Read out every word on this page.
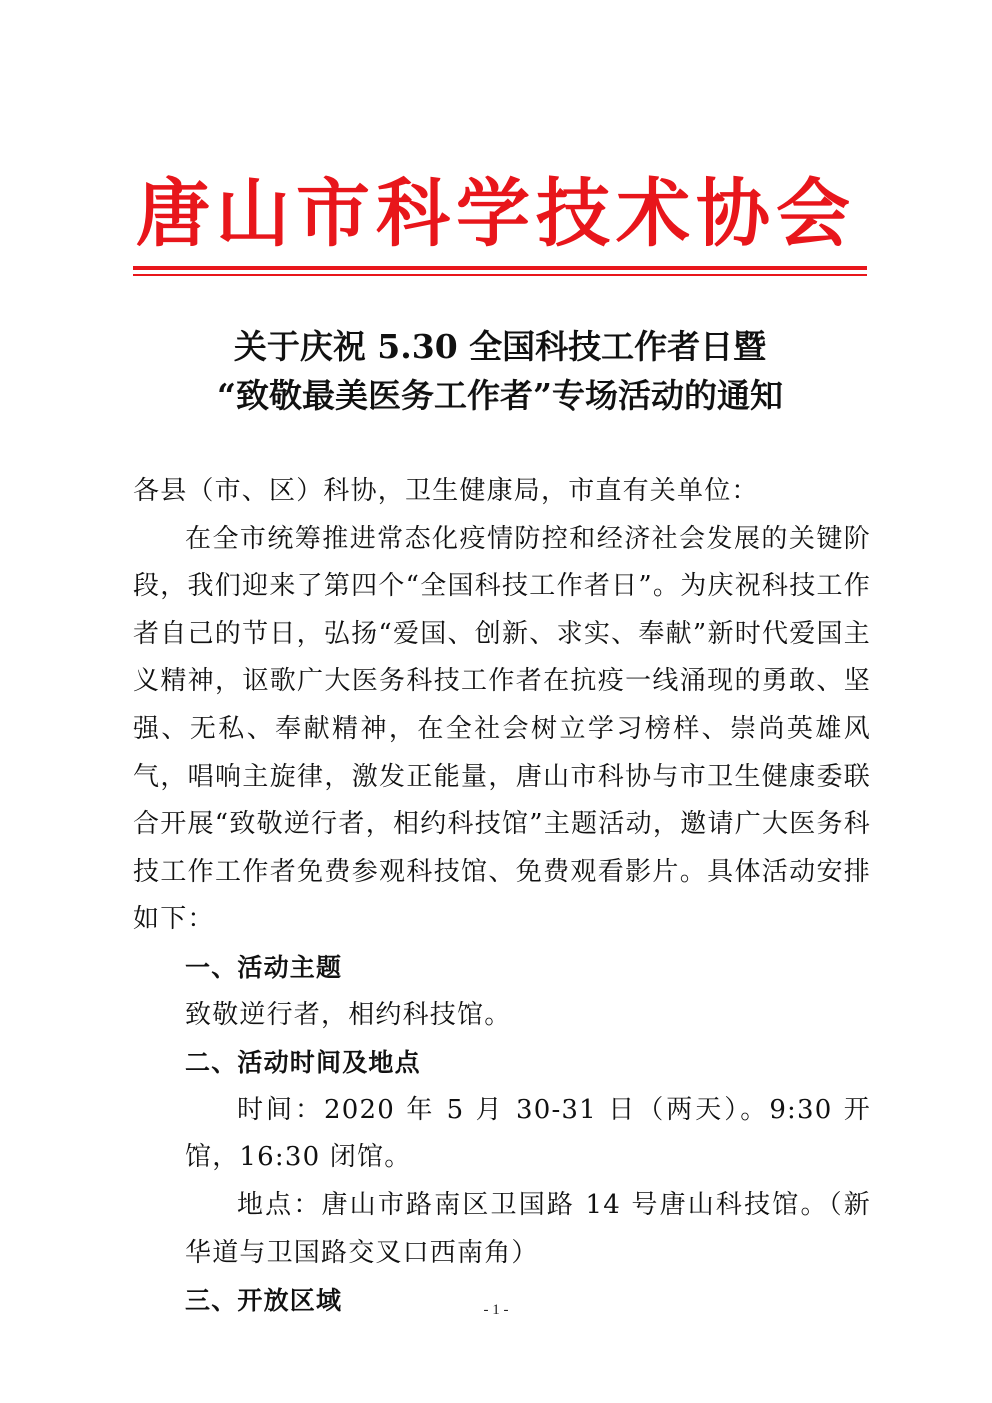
唐山市科学技术协会
关于庆祝 5.30 全国科技工作者日暨
“致敬最美医务工作者”专场活动的通知

各县（市、区）科协，卫生健康局，市直有关单位：

在全市统筹推进常态化疫情防控和经济社会发展的关键阶段，我们迎来了第四个“全国科技工作者日”。为庆祝科技工作者自己的节日，弘扬“爱国、创新、求实、奉献”新时代爱国主义精神，讴歌广大医务科技工作者在抗疫一线涌现的勇敢、坚强、无私、奉献精神，在全社会树立学习榜样、崇尚英雄风气，唱响主旋律，激发正能量，唐山市科协与市卫生健康委联合开展“致敬逆行者，相约科技馆”主题活动，邀请广大医务科技工作工作者免费参观科技馆、免费观看影片。具体活动安排如下：

一、活动主题

致敬逆行者，相约科技馆。

二、活动时间及地点

时间：2020 年 5 月 30-31 日（两天）。9:30 开馆，16:30 闭馆。

地点：唐山市路南区卫国路 14 号唐山科技馆。（新华道与卫国路交叉口西南角）

三、开放区域	- 1 -
